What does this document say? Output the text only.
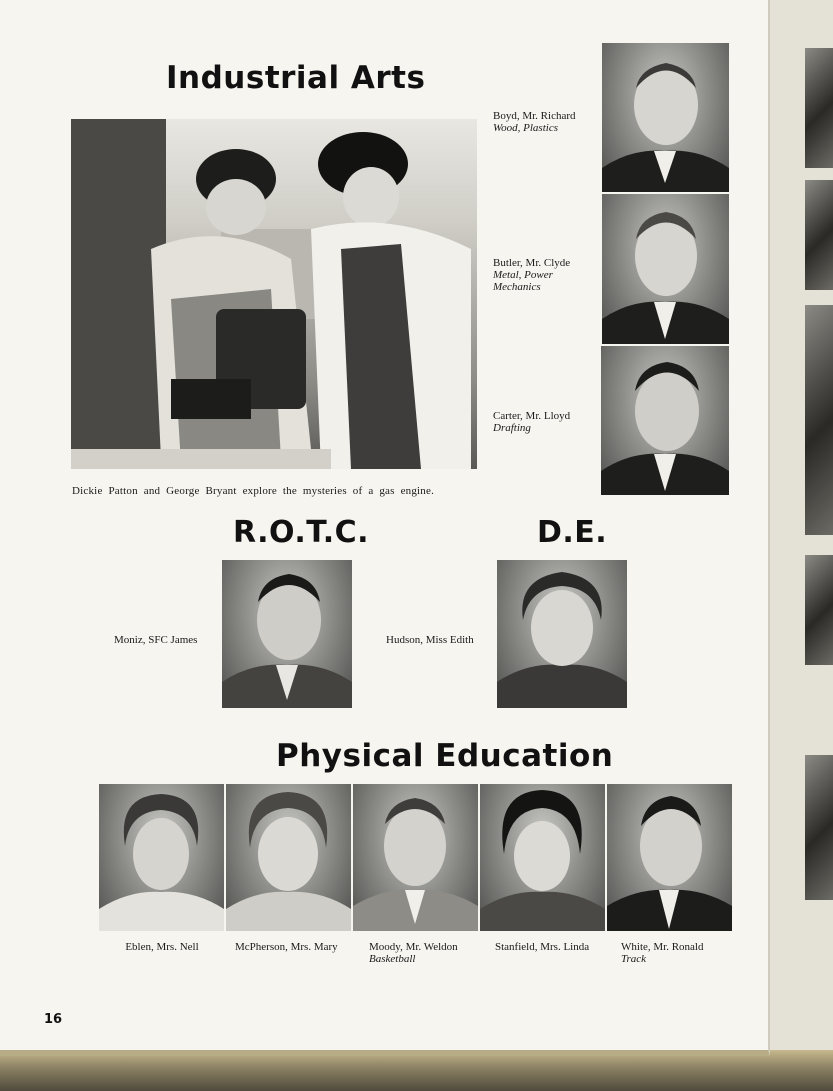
Industrial Arts
Dickie Patton and George Bryant explore the mysteries of a gas engine.
Boyd, Mr. Richard
Wood, Plastics
Butler, Mr. Clyde
Metal, Power
Mechanics
Carter, Mr. Lloyd
Drafting
R.O.T.C.	D.E.
Moniz, SFC James	Hudson, Miss Edith
Physical Education
Eblen, Mrs. Nell	McPherson, Mrs. Mary	Moody, Mr. Weldon
Basketball
Stanfield, Mrs. Linda	White, Mr. Ronald
Track
16
